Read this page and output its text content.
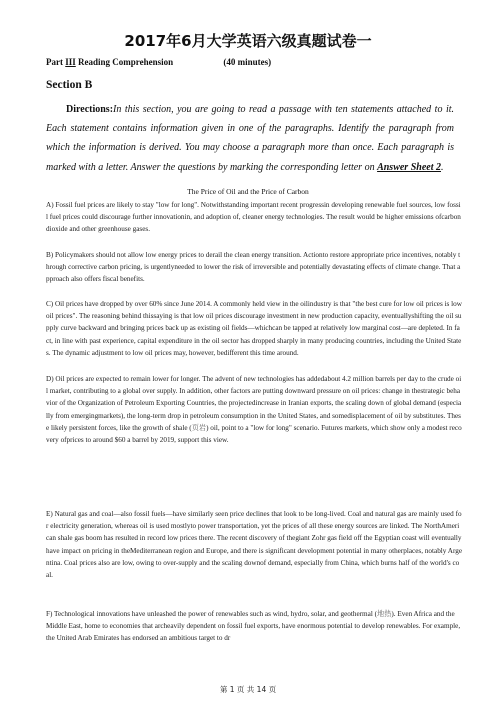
2017年6月大学英语六级真题试卷一
Part III Reading Comprehension	(40 minutes)
Section B
Directions:In this section, you are going to read a passage with ten statements attached to it. Each statement contains information given in one of the paragraphs. Identify the paragraph from which the information is derived. You may choose a paragraph more than once. Each paragraph is marked with a letter. Answer the questions by marking the corresponding letter on Answer Sheet 2.
The Price of Oil and the Price of Carbon
A) Fossil fuel prices are likely to stay "low for long". Notwithstanding important recent progressin developing renewable fuel sources, low fossil fuel prices could discourage further innovationin, and adoption of, cleaner energy technologies. The result would be higher emissions ofcarbon dioxide and other greenhouse gases.
B) Policymakers should not allow low energy prices to derail the clean energy transition. Actionto restore appropriate price incentives, notably through corrective carbon pricing, is urgentlyneeded to lower the risk of irreversible and potentially devastating effects of climate change. That approach also offers fiscal benefits.
C) Oil prices have dropped by over 60% since June 2014. A commonly held view in the oilindustry is that "the best cure for low oil prices is low oil prices". The reasoning behind thissaying is that low oil prices discourage investment in new production capacity, eventuallyshifting the oil supply curve backward and bringing prices back up as existing oil fields—whichcan be tapped at relatively low marginal cost—are depleted. In fact, in line with past experience, capital expenditure in the oil sector has dropped sharply in many producing countries, including the United States. The dynamic adjustment to low oil prices may, however, bedifferent this time around.
D) Oil prices are expected to remain lower for longer. The advent of new technologies has addedabout 4.2 million barrels per day to the crude oil market, contributing to a global over supply. In addition, other factors are putting downward pressure on oil prices: change in thestrategic behavior of the Organization of Petroleum Exporting Countries, the projectedincrease in Iranian exports, the scaling down of global demand (especially from emergingmarkets), the long-term drop in petroleum consumption in the United States, and somedisplacement of oil by substitutes. These likely persistent forces, like the growth of shale (页岩) oil, point to a "low for long" scenario. Futures markets, which show only a modest recovery ofprices to around $60 a barrel by 2019, support this view.
E) Natural gas and coal—also fossil fuels—have similarly seen price declines that look to be long-lived. Coal and natural gas are mainly used for electricity generation, whereas oil is used mostlyto power transportation, yet the prices of all these energy sources are linked. The NorthAmerican shale gas boom has resulted in record low prices there. The recent discovery of thegiant Zohr gas field off the Egyptian coast will eventually have impact on pricing in theMediterranean region and Europe, and there is significant development potential in many otherplaces, notably Argentina. Coal prices also are low, owing to over-supply and the scaling downof demand, especially from China, which burns half of the world's coal.
F) Technological innovations have unleashed the power of renewables such as wind, hydro, solar, and geothermal (地热). Even Africa and the Middle East, home to economies that archeavily dependent on fossil fuel exports, have enormous potential to develop renewables. For example, the United Arab Emirates has endorsed an ambitious target to dr
第 1 页 共 14 页
